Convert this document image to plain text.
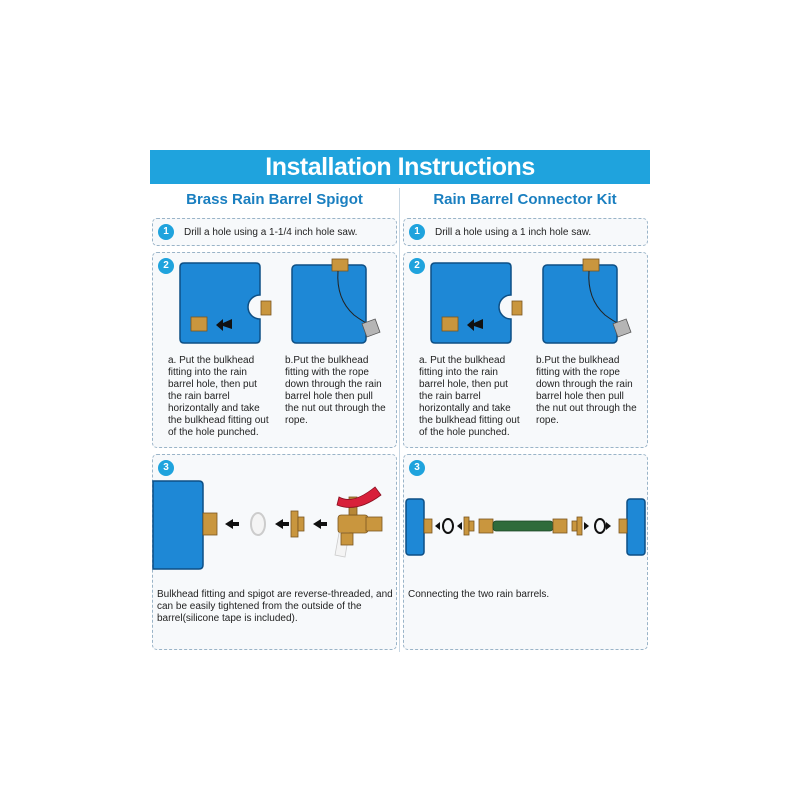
Installation Instructions
Brass Rain Barrel Spigot	Rain Barrel Connector Kit
1	Drill a hole using a 1-1/4 inch hole saw.	1	Drill a hole using a 1 inch hole saw.
2
a. Put the bulkhead fitting into the rain barrel hole, then put the rain barrel horizontally and take the bulkhead fitting out of the hole punched.
b.Put the bulkhead fitting with the rope down through the rain barrel hole then pull the nut out through the rope.
2
a. Put the bulkhead fitting into the rain barrel hole, then put the rain barrel horizontally and take the bulkhead fitting out of the hole punched.
b.Put the bulkhead fitting with the rope down through the rain barrel hole then pull the nut out through the rope.
3
Bulkhead fitting and spigot are reverse-threaded, and can be easily tightened from the outside of the barrel(silicone tape is included).
3
Connecting the two rain barrels.
